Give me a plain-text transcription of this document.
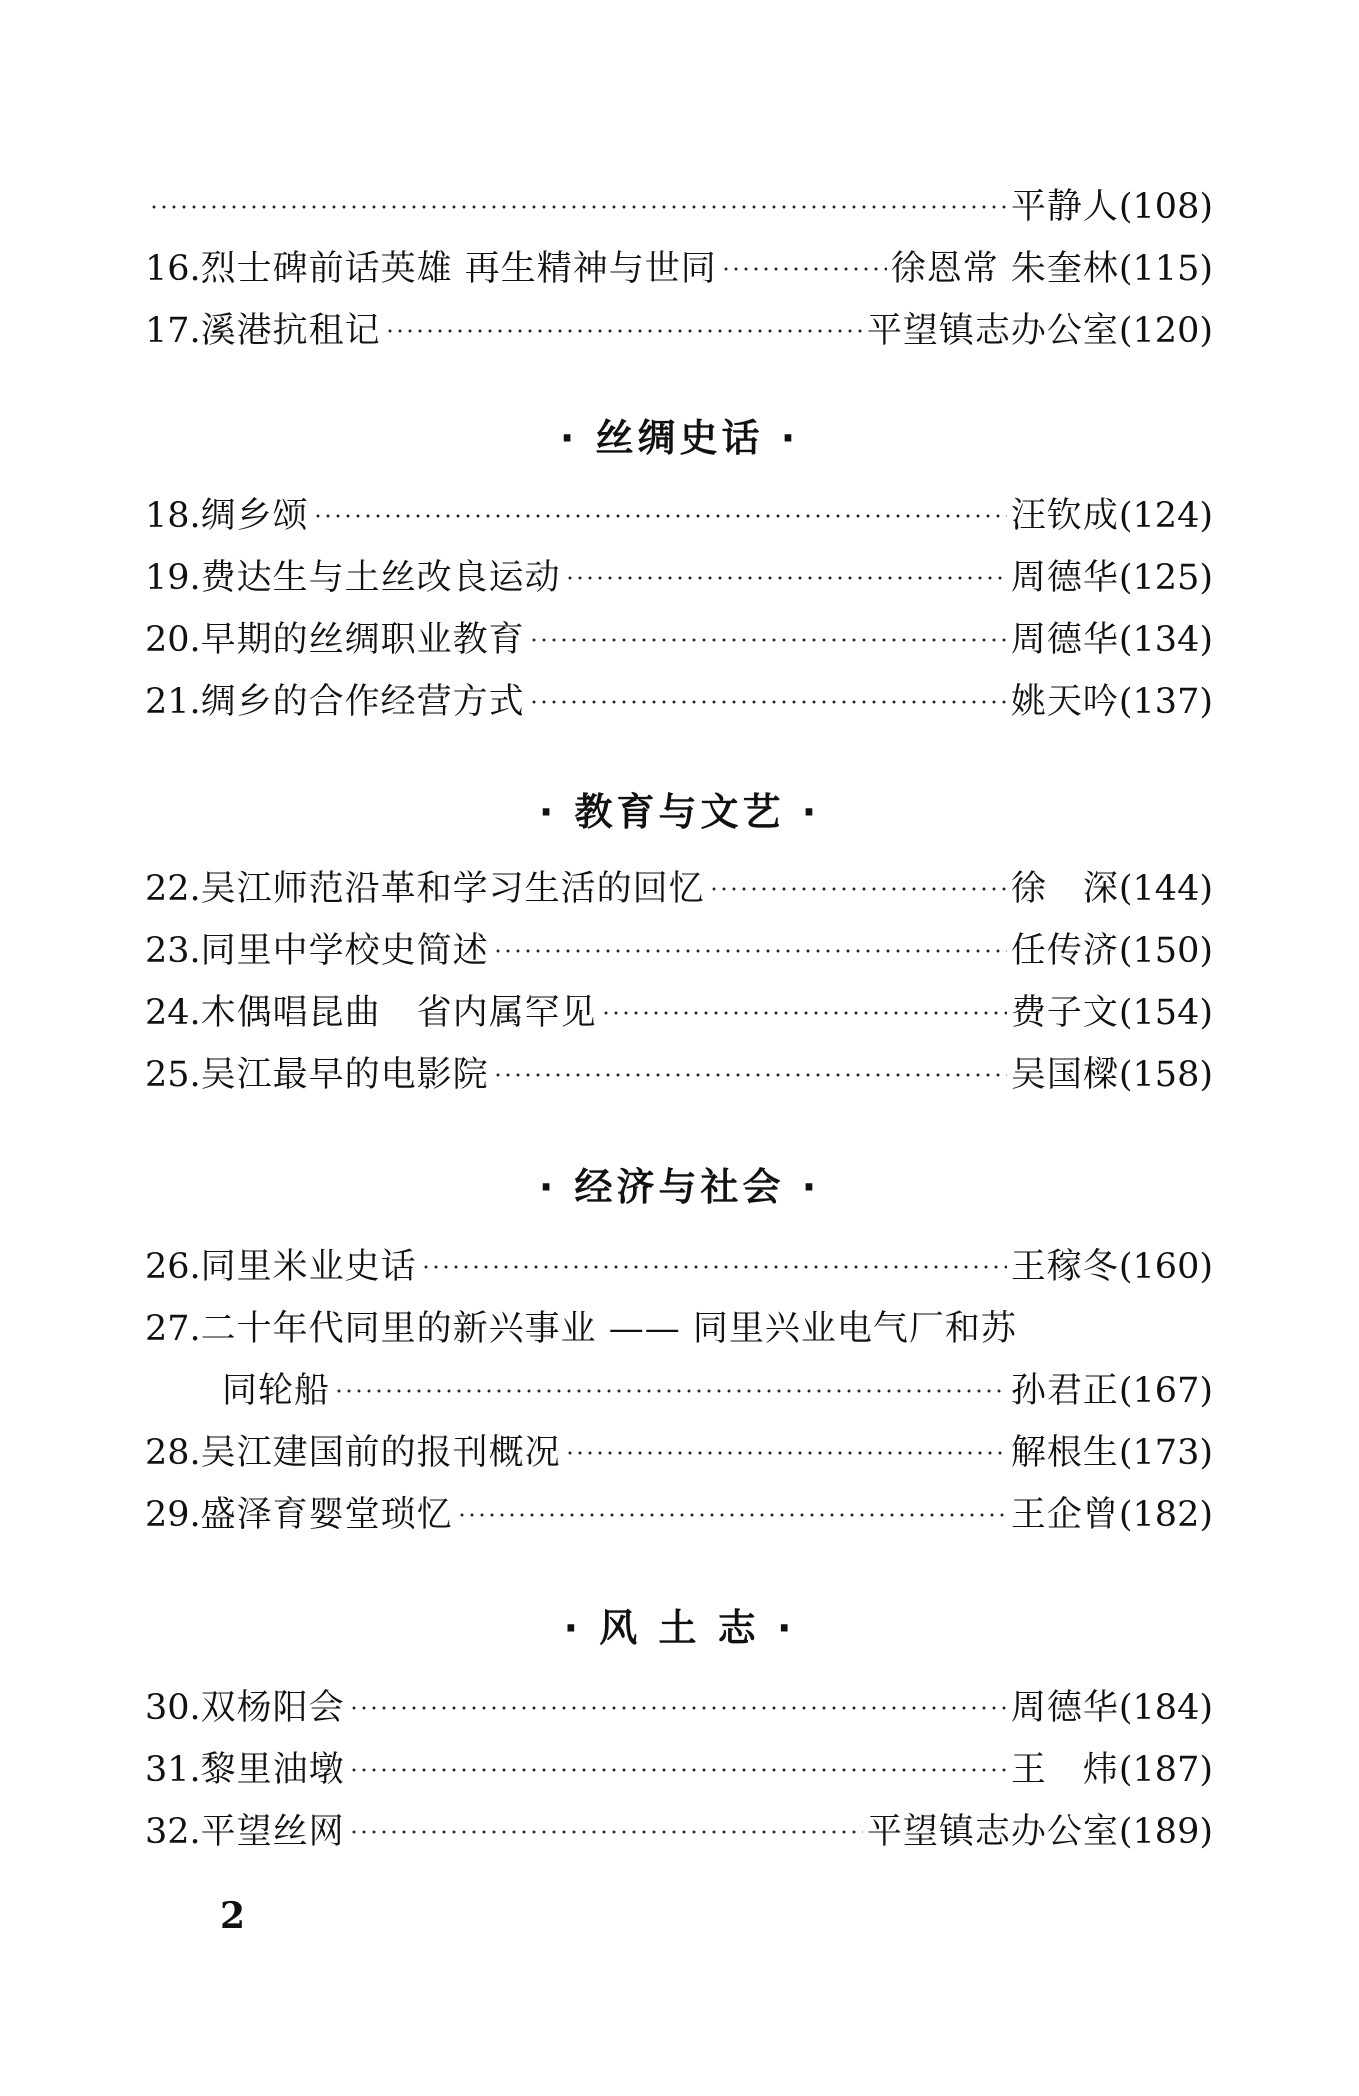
平静人 (108)
16. 烈士碑前话英雄 再生精神与世同	徐恩常 朱奎林 (115)
17. 溪港抗租记	平望镇志办公室 (120)
· 丝绸史话 ·
18. 绸乡颂	汪钦成 (124)
19. 费达生与土丝改良运动	周德华 (125)
20. 早期的丝绸职业教育	周德华 (134)
21. 绸乡的合作经营方式	姚天吟 (137)
· 教育与文艺 ·
22. 吴江师范沿革和学习生活的回忆	徐　深 (144)
23. 同里中学校史简述	任传济 (150)
24. 木偶唱昆曲　省内属罕见	费子文 (154)
25. 吴江最早的电影院	吴国樑 (158)
· 经济与社会 ·
26. 同里米业史话	王稼冬 (160)
27. 二十年代同里的新兴事业 —— 同里兴业电气厂和苏
同轮船	孙君正 (167)
28. 吴江建国前的报刊概况	解根生 (173)
29. 盛泽育婴堂琐忆	王企曾 (182)
· 风 土 志 ·
30. 双杨阳会	周德华 (184)
31. 黎里油墩	王　炜 (187)
32. 平望丝网	平望镇志办公室 (189)
2
